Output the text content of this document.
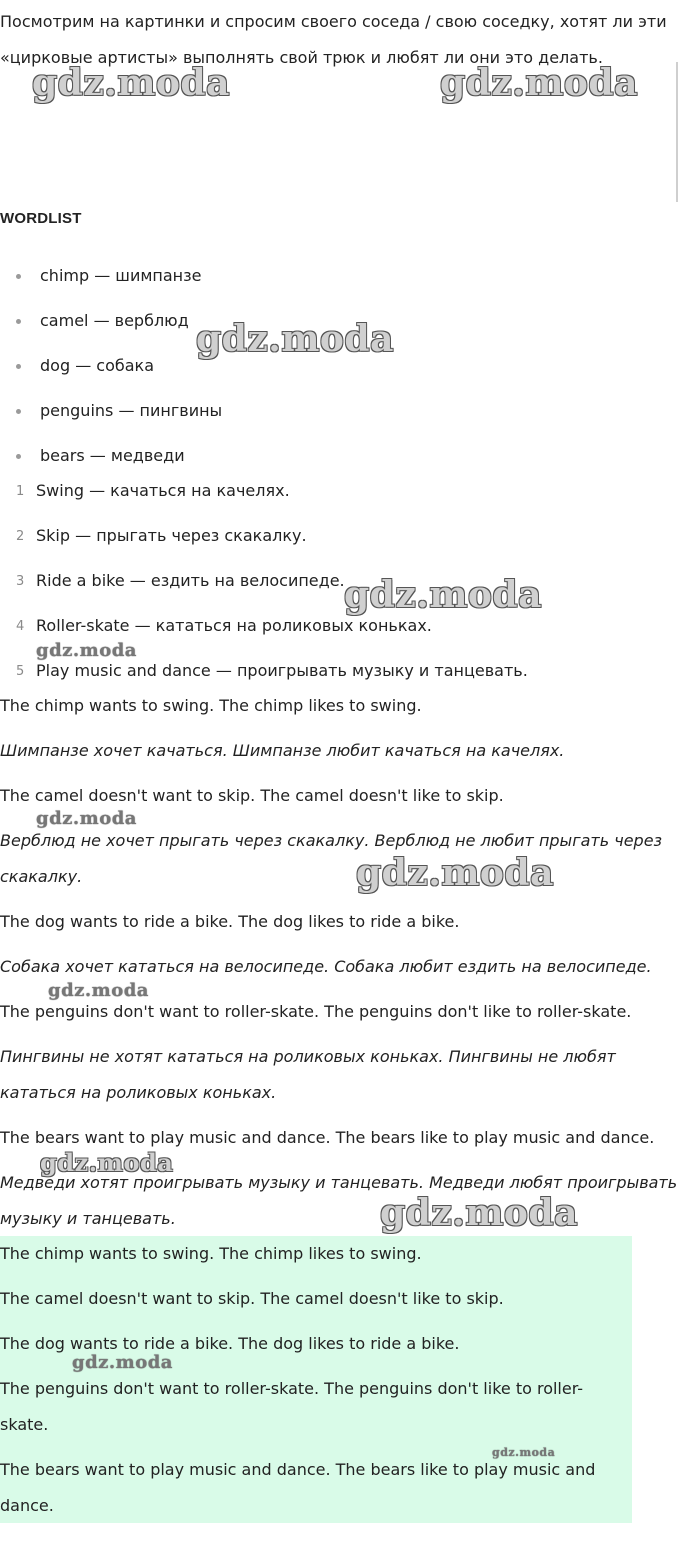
Посмотрим на картинки и спросим своего соседа / свою соседку, хотят ли эти «цирковые артисты» выполнять свой трюк и любят ли они это делать.
WORDLIST
chimp — шимпанзе
camel — верблюд
dog — собака
penguins — пингвины
bears — медведи
1 Swing — качаться на качелях.
2 Skip — прыгать через скакалку.
3 Ride a bike — ездить на велосипеде.
4 Roller-skate — кататься на роликовых коньках.
5 Play music and dance — проигрывать музыку и танцевать.
The chimp wants to swing. The chimp likes to swing.
Шимпанзе хочет качаться. Шимпанзе любит качаться на качелях.
The camel doesn't want to skip. The camel doesn't like to skip.
Верблюд не хочет прыгать через скакалку. Верблюд не любит прыгать через скакалку.
The dog wants to ride a bike. The dog likes to ride a bike.
Собака хочет кататься на велосипеде. Собака любит ездить на велосипеде.
The penguins don't want to roller-skate. The penguins don't like to roller-skate.
Пингвины не хотят кататься на роликовых коньках. Пингвины не любят кататься на роликовых коньках.
The bears want to play music and dance. The bears like to play music and dance.
Медведи хотят проигрывать музыку и танцевать. Медведи любят проигрывать музыку и танцевать.
The chimp wants to swing. The chimp likes to swing.
The camel doesn't want to skip. The camel doesn't like to skip.
The dog wants to ride a bike. The dog likes to ride a bike.
The penguins don't want to roller-skate. The penguins don't like to roller-skate.
The bears want to play music and dance. The bears like to play music and dance.
gdz.moda	gdz.moda
gdz.moda
gdz.moda
gdz.moda
gdz.moda
gdz.moda
gdz.moda
gdz.moda
gdz.moda
gdz.moda
gdz.moda
